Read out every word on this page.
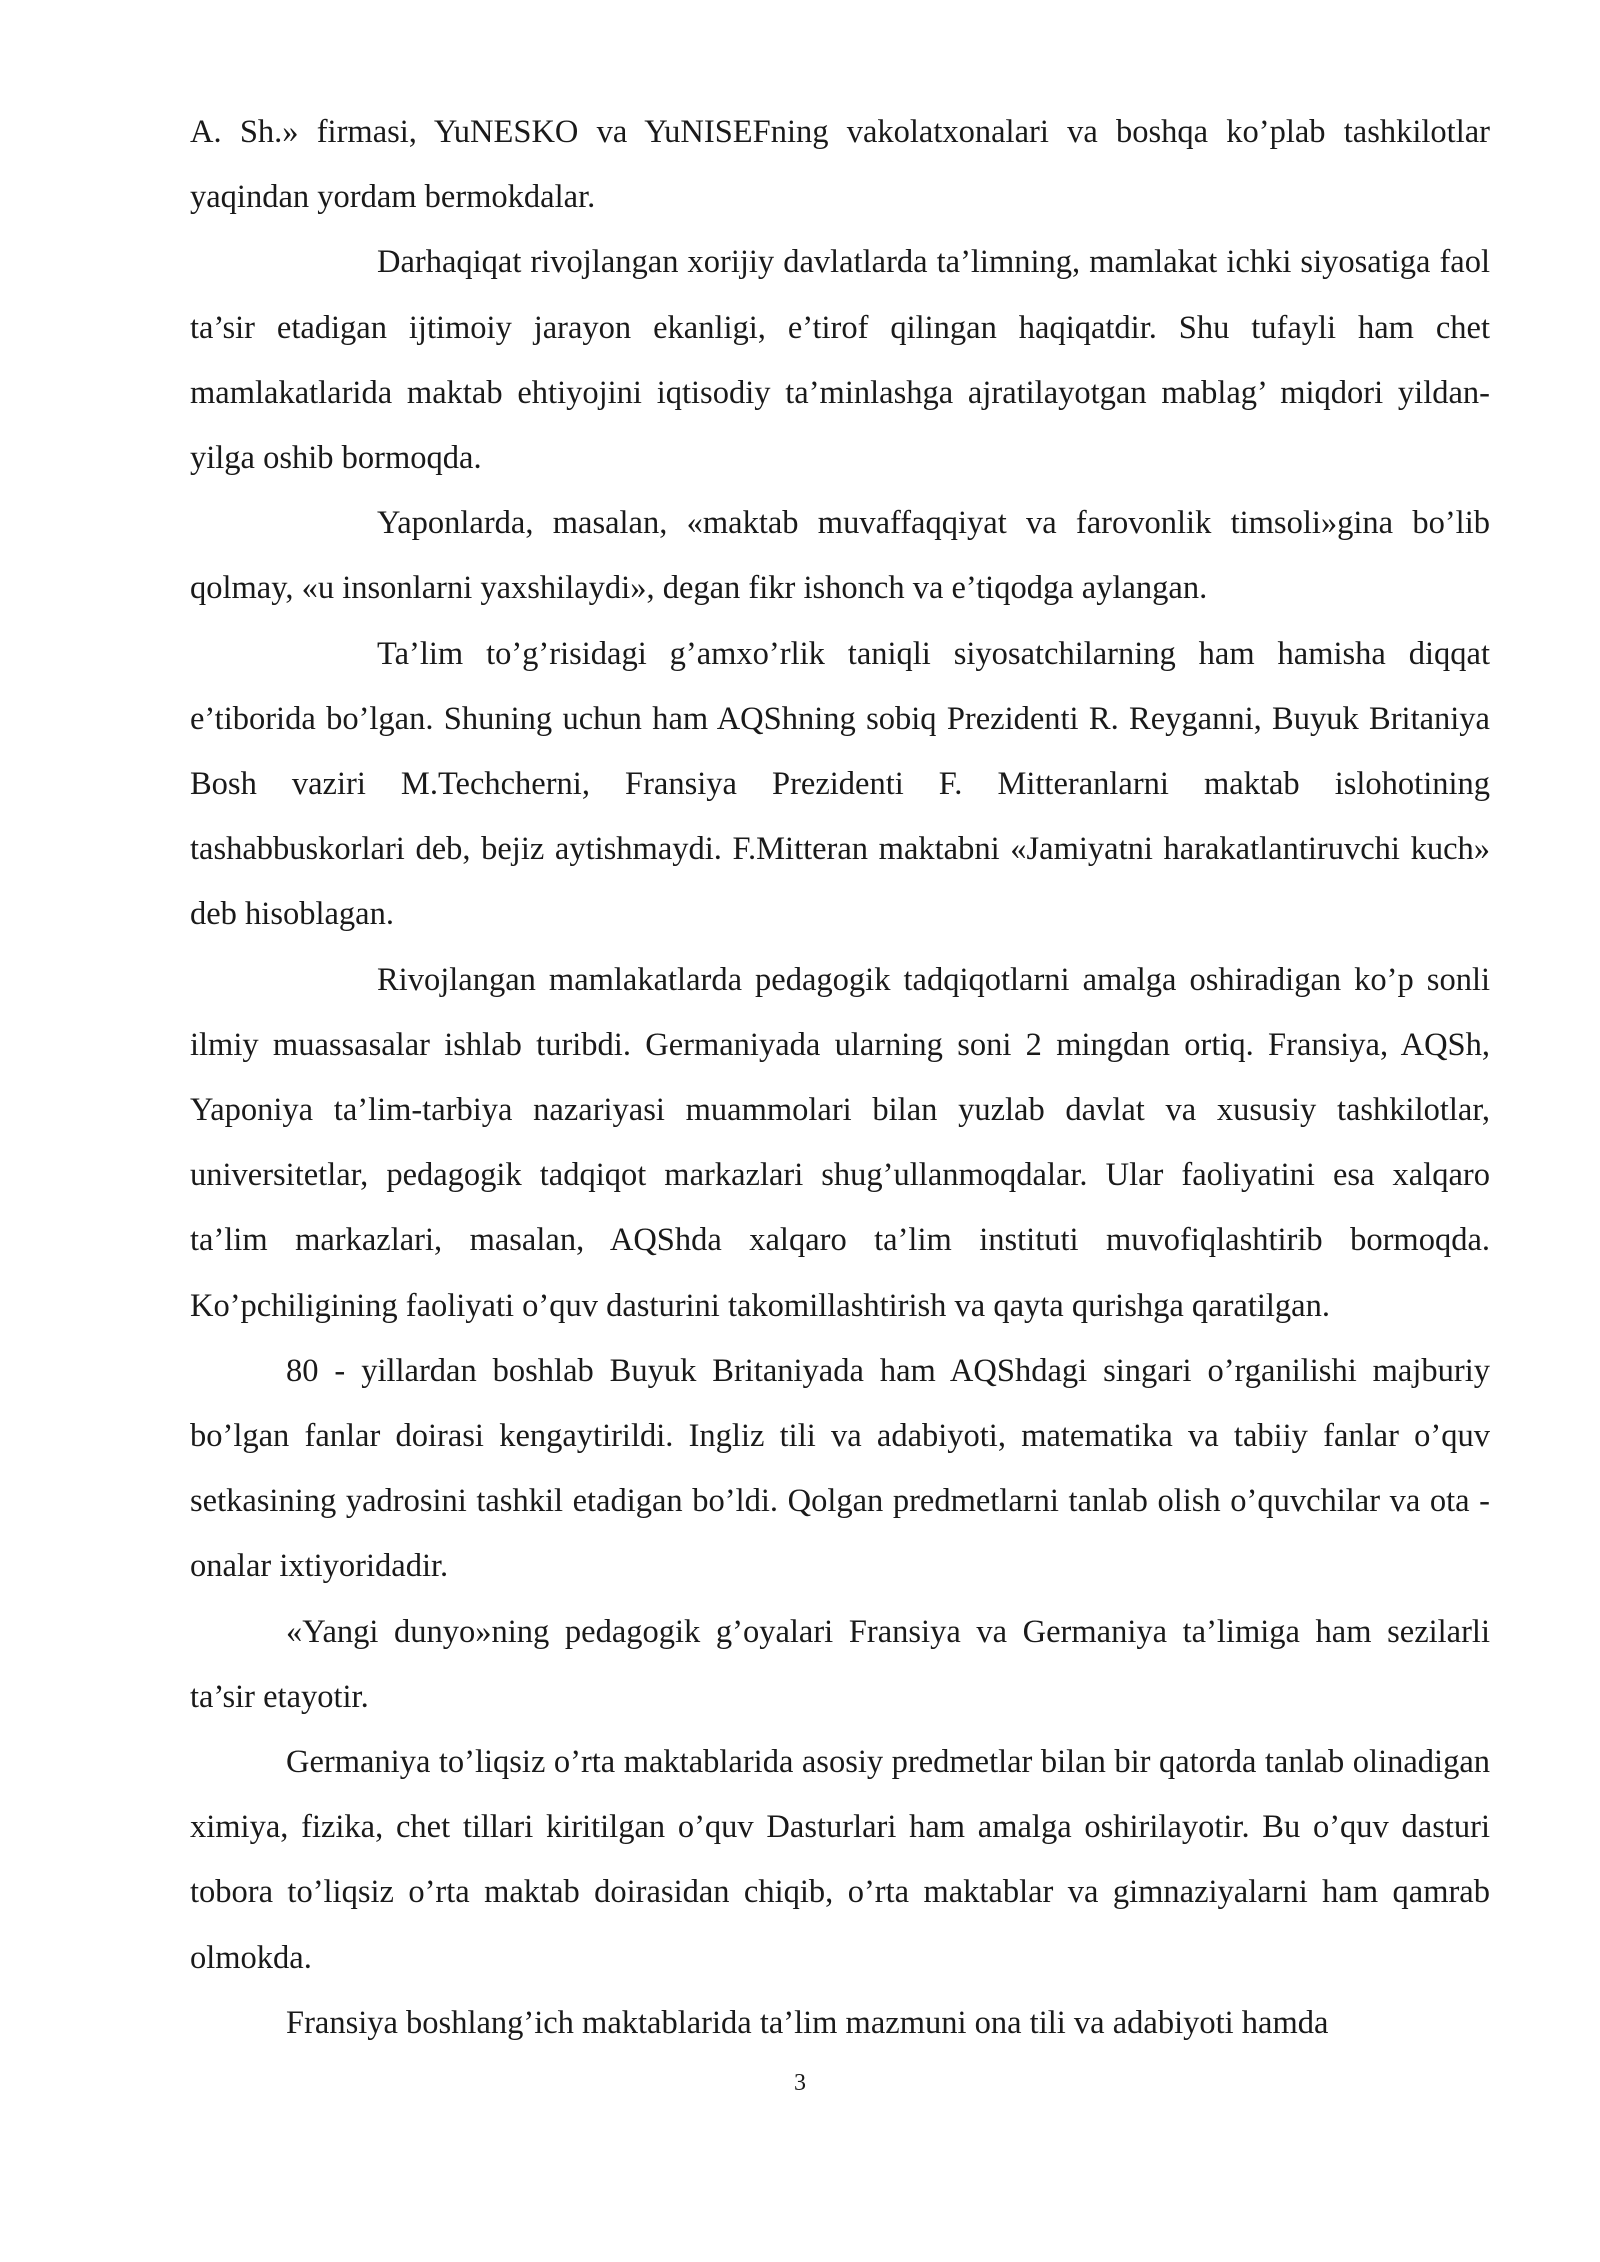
A. Sh.» firmasi, YuNESKO va YuNISEFning vakolatxonalari va boshqa ko’plab tashkilotlar yaqindan yordam bermokdalar.

Darhaqiqat rivojlangan xorijiy davlatlarda ta’limning, mamlakat ichki siyosatiga faol ta’sir etadigan ijtimoiy jarayon ekanligi, e’tirof qilingan haqiqatdir. Shu tufayli ham chet mamlakatlarida maktab ehtiyojini iqtisodiy ta’minlashga ajratilayotgan mablag’ miqdori yildan-yilga oshib bormoqda.

Yaponlarda, masalan, «maktab muvaffaqqiyat va farovonlik timsoli»gina bo’lib qolmay, «u insonlarni yaxshilaydi», degan fikr ishonch va e’tiqodga aylangan.

Ta’lim to’g’risidagi g’amxo’rlik taniqli siyosatchilarning ham hamisha diqqat e’tiborida bo’lgan. Shuning uchun ham AQShning sobiq Prezidenti R. Reyganni, Buyuk Britaniya Bosh vaziri M.Techcherni, Fransiya Prezidenti F. Mitteranlarni maktab islohotining tashabbuskorlari deb, bejiz aytishmaydi. F.Mitteran maktabni «Jamiyatni harakatlantiruvchi kuch» deb hisoblagan.

Rivojlangan mamlakatlarda pedagogik tadqiqotlarni amalga oshiradigan ko’p sonli ilmiy muassasalar ishlab turibdi. Germaniyada ularning soni 2 mingdan ortiq. Fransiya, AQSh, Yaponiya ta’lim-tarbiya nazariyasi muammolari bilan yuzlab davlat va xususiy tashkilotlar, universitetlar, pedagogik tadqiqot markazlari shug’ullanmoqdalar. Ular faoliyatini esa xalqaro ta’lim markazlari, masalan, AQShda xalqaro ta’lim instituti muvofiqlashtirib bormoqda. Ko’pchiligining faoliyati o’quv dasturini takomillashtirish va qayta qurishga qaratilgan.

80 - yillardan boshlab Buyuk Britaniyada ham AQShdagi singari o’rganilishi majburiy bo’lgan fanlar doirasi kengaytirildi. Ingliz tili va adabiyoti, matematika va tabiiy fanlar o’quv setkasining yadrosini tashkil etadigan bo’ldi. Qolgan predmetlarni tanlab olish o’quvchilar va ota - onalar ixtiyoridadir.

«Yangi dunyo»ning pedagogik g’oyalari Fransiya va Germaniya ta’limiga ham sezilarli ta’sir etayotir.

Germaniya to’liqsiz o’rta maktablarida asosiy predmetlar bilan bir qatorda tanlab olinadigan ximiya, fizika, chet tillari kiritilgan o’quv Dasturlari ham amalga oshirilayotir. Bu o’quv dasturi tobora to’liqsiz o’rta maktab doirasidan chiqib, o’rta maktablar va gimnaziyalarni ham qamrab olmokda.

Fransiya boshlang’ich maktablarida ta’lim mazmuni ona tili va adabiyoti hamda

3
